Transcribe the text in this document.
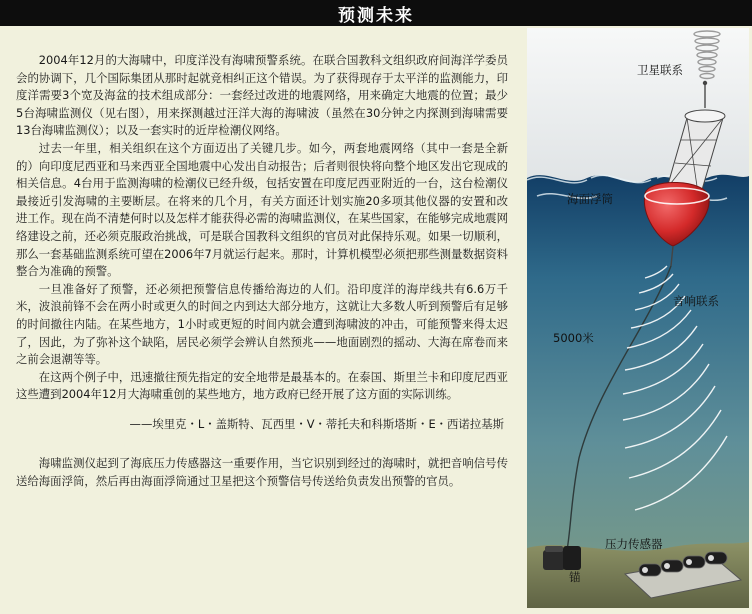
预测未来

2004年12月的大海啸中，印度洋没有海啸预警系统。在联合国教科文组织政府间海洋学委员会的协调下，几个国际集团从那时起就竞相纠正这个错误。为了获得现存于太平洋的监测能力，印度洋需要3个宽及海盆的技术组成部分：一套经过改进的地震网络，用来确定大地震的位置；最少5台海啸监测仪（见右图），用来探测越过汪洋大海的海啸波（虽然在30分钟之内探测到海啸需要13台海啸监测仪）；以及一套实时的近岸检潮仪网络。

过去一年里，相关组织在这个方面迈出了关键几步。如今，两套地震网络（其中一套是全新的）向印度尼西亚和马来西亚全国地震中心发出自动报告；后者则很快将向整个地区发出它现成的相关信息。4台用于监测海啸的检潮仪已经升级，包括安置在印度尼西亚附近的一台，这台检潮仪最接近引发海啸的主要断层。在将来的几个月，有关方面还计划实施20多项其他仪器的安置和改进工作。现在尚不清楚何时以及怎样才能获得必需的海啸监测仪，在某些国家，在能够完成地震网络建设之前，还必须克服政治挑战，可是联合国教科文组织的官员对此保持乐观。如果一切顺利，那么一套基础监测系统可望在2006年7月就运行起来。那时，计算机模型必须把那些测量数据资料整合为准确的预警。

一旦准备好了预警，还必须把预警信息传播给海边的人们。沿印度洋的海岸线共有6.6万千米，波浪前锋不会在两小时或更久的时间之内到达大部分地方，这就让大多数人听到预警后有足够的时间撤往内陆。在某些地方，1小时或更短的时间内就会遭到海啸波的冲击，可能预警来得太迟了，因此，为了弥补这个缺陷，居民必须学会辨认自然预兆——地面剧烈的摇动、大海在席卷而来之前会退潮等等。

在这两个例子中，迅速撤往预先指定的安全地带是最基本的。在泰国、斯里兰卡和印度尼西亚这些遭到2004年12月大海啸重创的某些地方，地方政府已经开展了这方面的实际训练。

——埃里克・L・盖斯特、瓦西里・V・蒂托夫和科斯塔斯・E・西诺拉基斯

海啸监测仪起到了海底压力传感器这一重要作用，当它识别到经过的海啸时，就把音响信号传送给海面浮筒，然后再由海面浮筒通过卫星把这个预警信号传送给负责发出预警的官员。

卫星联系
海面浮筒
音响联系
5000米
压力传感器
锚
